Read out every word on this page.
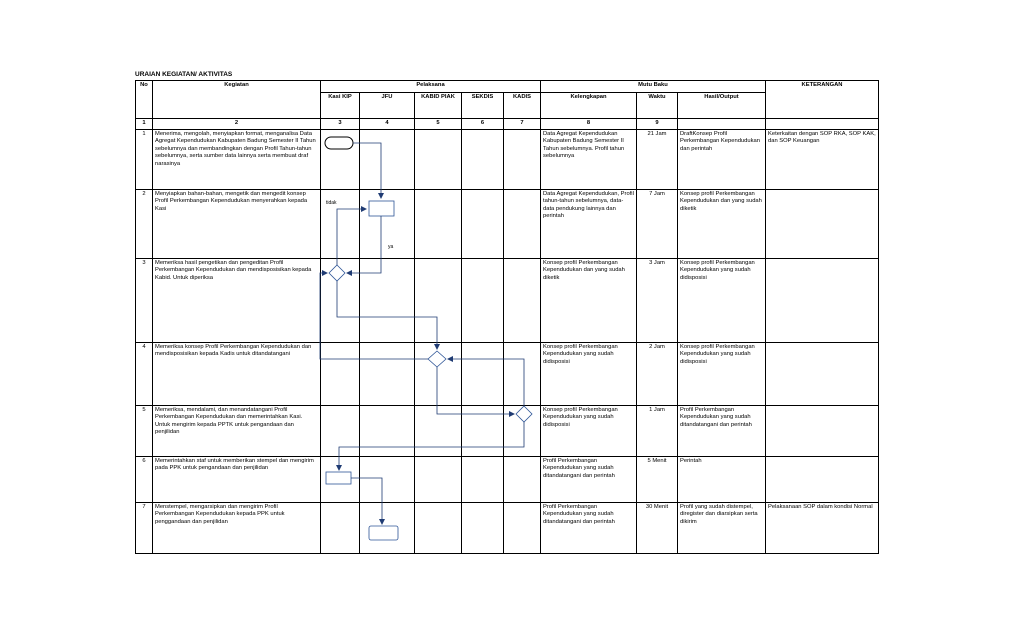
URAIAN KEGIATAN/ AKTIVITAS
No	Kegiatan	Pelaksana					Mutu Baku			KETERANGAN
		Kasi KIP	JFU	KABID PIAK	SEKDIS	KADIS	Kelengkapan	Waktu	Hasil/Output	
1	2	3	4	5	6	7	8	9		
1	Menerima, mengolah, menyiapkan format, menganalisa Data Agregat Kependudukan Kabupaten Badung Semester II Tahun sebelumnya dan membandingkan dengan Profil Tahun-tahun sebelumnya, serta sumber data lainnya serta membuat draf narasinya						Data Agregat Kependudukan Kabupaten Badung Semester II Tahun sebelumnya. Profil tahun sebelumnya	21 Jam	DraftKonsep Profil Perkembangan Kependudukan dan perintah	Keterkaitan dengan SOP RKA, SOP KAK, dan SOP Keuangan
2	Menyiapkan bahan-bahan, mengetik dan mengedit konsep Profil Perkembangan Kependudukan menyerahkan kepada Kasi						Data Agregat Kependudukan, Profil tahun-tahun sebelumnya, data-data pendukung lainnya dan perintah	7 Jam	Konsep profil Perkembangan Kependudukan dan yang sudah diketik	
3	Memeriksa hasil pengetikan dan pengeditan Profil Perkembangan Kependudukan dan mendisposisikan kepada Kabid. Untuk diperiksa						Konsep profil Perkembangan Kependudukan dan yang sudah diketik	3 Jam	Konsep profil Perkembangan Kependudukan yang sudah didisposisi	
4	Memeriksa konsep Profil Perkembangan Kependudukan dan mendisposisikan kepada Kadis untuk ditandatangani						Konsep profil Perkembangan Kependudukan yang sudah didisposisi	2 Jam	Konsep profil Perkembangan Kependudukan yang sudah didisposisi	
5	Memeriksa, mendalami, dan menandatangani Profil Perkembangan Kependudukan dan memerintahkan Kasi. Untuk mengirim kepada PPTK untuk pengandaan dan penjilidan						Konsep profil Perkembangan Kependudukan yang sudah didisposisi	1 Jam	Profil Perkembangan Kependudukan yang sudah ditandatangani dan perintah	
6	Memerintahkan staf untuk memberikan stempel dan mengirim pada PPK untuk pengandaan dan penjilidan						Profil Perkembangan Kependudukan yang sudah ditandatangani dan perintah	5 Menit	Perintah	
7	Menstempel, mengarsipkan dan mengirim Profil Perkembangan Kependudukan kepada PPK untuk penggandaan dan penjilidan						Profil Perkembangan Kependudukan yang sudah ditandatangani dan perintah	30 Menit	Profil yang sudah distempel, diregister dan diarsipkan serta dikirim	Pelaksanaan SOP dalam kondisi Normal
tidak
ya
